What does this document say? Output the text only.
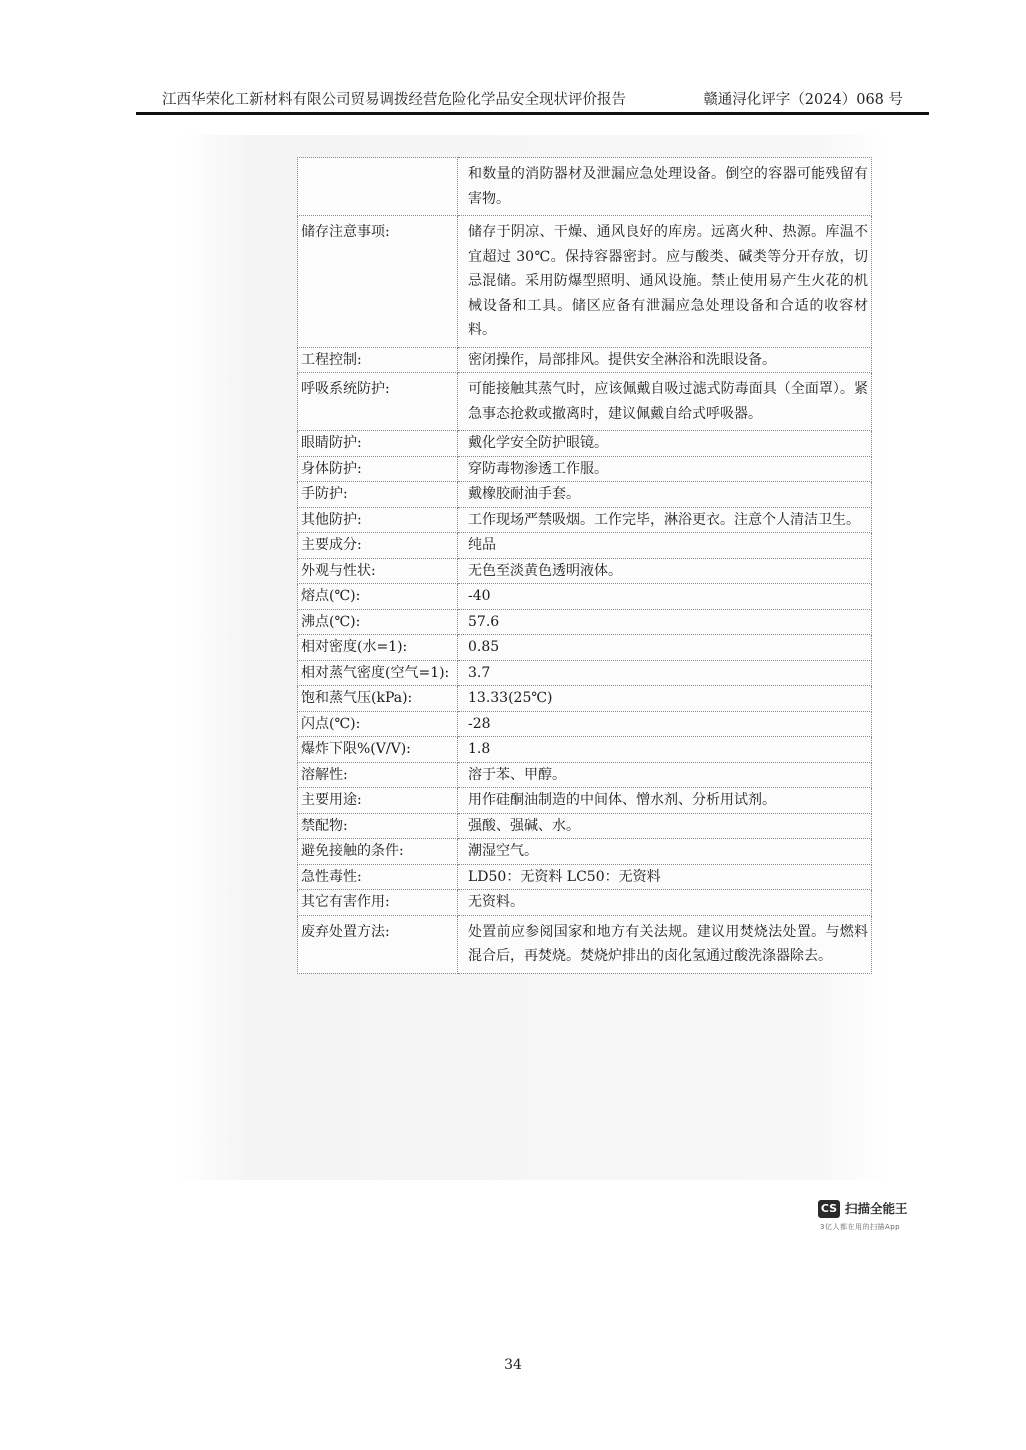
江西华荣化工新材料有限公司贸易调拨经营危险化学品安全现状评价报告	赣通浔化评字（2024）068 号
	和数量的消防器材及泄漏应急处理设备。倒空的容器可能残留有害物。
储存注意事项:	储存于阴凉、干燥、通风良好的库房。远离火种、热源。库温不宜超过 30℃。保持容器密封。应与酸类、碱类等分开存放，切忌混储。采用防爆型照明、通风设施。禁止使用易产生火花的机械设备和工具。储区应备有泄漏应急处理设备和合适的收容材料。
工程控制:	密闭操作，局部排风。提供安全淋浴和洗眼设备。
呼吸系统防护:	可能接触其蒸气时，应该佩戴自吸过滤式防毒面具（全面罩）。紧急事态抢救或撤离时，建议佩戴自给式呼吸器。
眼睛防护:	戴化学安全防护眼镜。
身体防护:	穿防毒物渗透工作服。
手防护:	戴橡胶耐油手套。
其他防护:	工作现场严禁吸烟。工作完毕，淋浴更衣。注意个人清洁卫生。
主要成分:	纯品
外观与性状:	无色至淡黄色透明液体。
熔点(℃):	-40
沸点(℃):	57.6
相对密度(水=1):	0.85
相对蒸气密度(空气=1):	3.7
饱和蒸气压(kPa):	13.33(25℃)
闪点(℃):	-28
爆炸下限%(V/V):	1.8
溶解性:	溶于苯、甲醇。
主要用途:	用作硅酮油制造的中间体、憎水剂、分析用试剂。
禁配物:	强酸、强碱、水。
避免接触的条件:	潮湿空气。
急性毒性:	LD50：无资料 LC50：无资料
其它有害作用:	无资料。
废弃处置方法:	处置前应参阅国家和地方有关法规。建议用焚烧法处置。与燃料混合后，再焚烧。焚烧炉排出的卤化氢通过酸洗涤器除去。
CS 扫描全能王
3亿人都在用的扫描App
34
